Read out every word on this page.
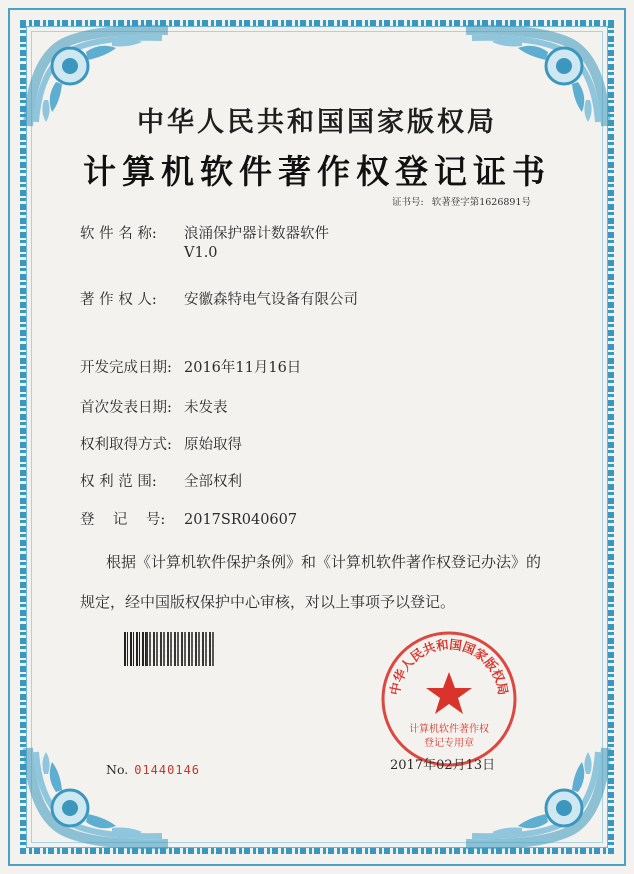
中华人民共和国国家版权局
计算机软件著作权登记证书
证书号: 软著登字第1626891号
软 件 名 称: 浪涌保护器计数器软件
V1.0
著 作 权 人: 安徽森特电气设备有限公司
开发完成日期: 2016年11月16日
首次发表日期: 未发表
权利取得方式: 原始取得
权 利 范 围: 全部权利
登    记    号: 2017SR040607
根据《计算机软件保护条例》和《计算机软件著作权登记办法》的
规定，经中国版权保护中心审核，对以上事项予以登记。
中华人民共和国国家版权局
计算机软件著作权
登记专用章
No. 01440146	2017年02月13日
